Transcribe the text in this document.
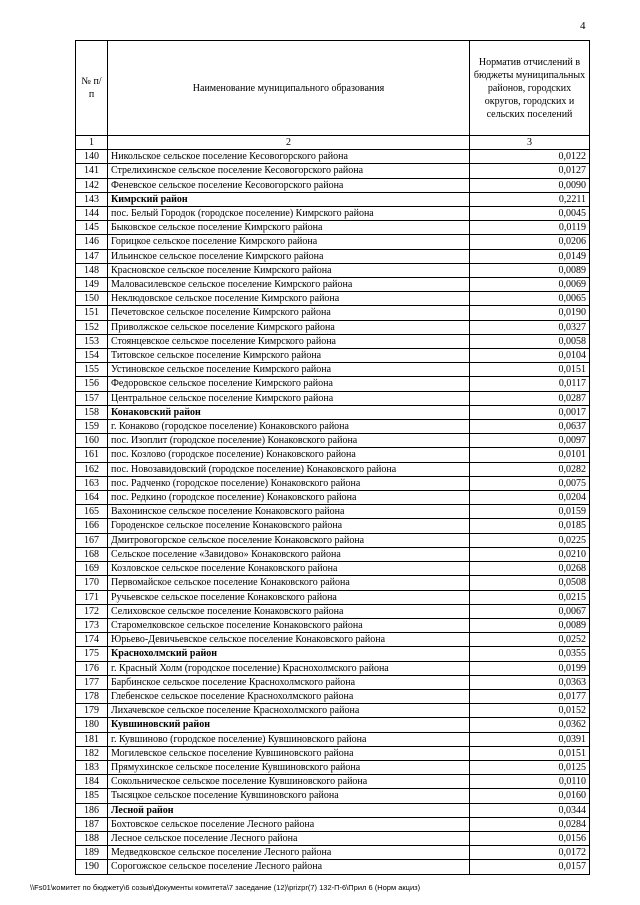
4
№ п/п	Наименование муниципального образования	Норматив отчислений в бюджеты муниципальных районов, городских округов, городских и сельских поселений
1	2	3
140	Никольское сельское поселение Кесовогорского района	0,0122
141	Стрелихинское сельское поселение Кесовогорского района	0,0127
142	Феневское сельское поселение Кесовогорского района	0,0090
143	Кимрский район	0,2211
144	пос. Белый Городок (городское поселение) Кимрского района	0,0045
145	Быковское сельское поселение Кимрского района	0,0119
146	Горицкое сельское поселение Кимрского района	0,0206
147	Ильинское сельское поселение Кимрского района	0,0149
148	Красновское сельское поселение Кимрского района	0,0089
149	Маловасилевское сельское поселение Кимрского района	0,0069
150	Неклюдовское сельское поселение Кимрского района	0,0065
151	Печетовское сельское поселение Кимрского района	0,0190
152	Приволжское сельское поселение Кимрского района	0,0327
153	Стоянцевское сельское поселение Кимрского района	0,0058
154	Титовское сельское поселение Кимрского района	0,0104
155	Устиновское сельское поселение Кимрского района	0,0151
156	Федоровское сельское поселение Кимрского района	0,0117
157	Центральное сельское поселение Кимрского района	0,0287
158	Конаковский район	0,0017
159	г. Конаково (городское поселение) Конаковского района	0,0637
160	пос. Изоплит (городское поселение) Конаковского района	0,0097
161	пос. Козлово (городское поселение) Конаковского района	0,0101
162	пос. Новозавидовский (городское поселение) Конаковского района	0,0282
163	пос. Радченко (городское поселение) Конаковского района	0,0075
164	пос. Редкино (городское поселение) Конаковского района	0,0204
165	Вахонинское сельское поселение Конаковского района	0,0159
166	Городенское сельское поселение Конаковского района	0,0185
167	Дмитровогорское сельское поселение Конаковского района	0,0225
168	Сельское поселение «Завидово» Конаковского района	0,0210
169	Козловское сельское поселение Конаковского района	0,0268
170	Первомайское сельское поселение Конаковского района	0,0508
171	Ручьевское сельское поселение Конаковского района	0,0215
172	Селиховское сельское поселение Конаковского района	0,0067
173	Старомелковское сельское поселение Конаковского района	0,0089
174	Юрьево-Девичьевское сельское поселение Конаковского района	0,0252
175	Краснохолмский район	0,0355
176	г. Красный Холм (городское поселение) Краснохолмского района	0,0199
177	Барбинское сельское поселение Краснохолмского района	0,0363
178	Глебенское сельское поселение Краснохолмского района	0,0177
179	Лихачевское сельское поселение Краснохолмского района	0,0152
180	Кувшиновский район	0,0362
181	г. Кувшиново (городское поселение) Кувшиновского района	0,0391
182	Могилевское сельское поселение Кувшиновского района	0,0151
183	Прямухинское сельское поселение Кувшиновского района	0,0125
184	Сокольническое сельское поселение Кувшиновского района	0,0110
185	Тысяцкое сельское поселение Кувшиновского района	0,0160
186	Лесной район	0,0344
187	Бохтовское сельское поселение Лесного района	0,0284
188	Лесное сельское поселение Лесного района	0,0156
189	Медведковское сельское поселение Лесного района	0,0172
190	Сорогожское сельское поселение Лесного района	0,0157
\\Fs01\комитет по бюджету\6 созыв\Документы комитета\7 заседание (12)\prizpr(7) 132-П-6\Прил 6 (Норм акциз)
